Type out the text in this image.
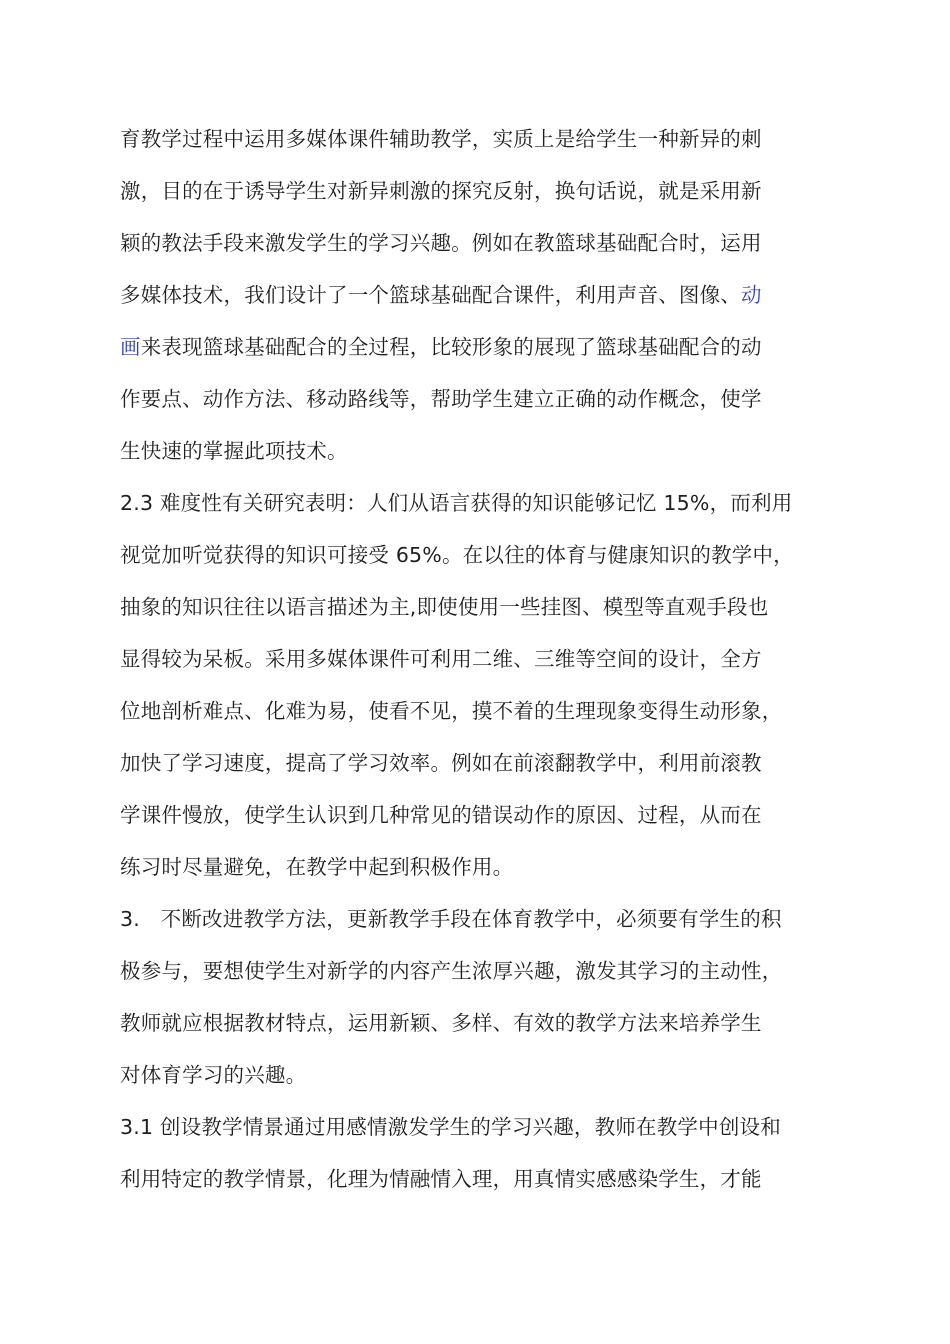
育教学过程中运用多媒体课件辅助教学，实质上是给学生一种新异的刺
激，目的在于诱导学生对新异刺激的探究反射，换句话说，就是采用新
颖的教法手段来激发学生的学习兴趣。例如在教篮球基础配合时，运用
多媒体技术，我们设计了一个篮球基础配合课件，利用声音、图像、动
画来表现篮球基础配合的全过程，比较形象的展现了篮球基础配合的动
作要点、动作方法、移动路线等，帮助学生建立正确的动作概念，使学
生快速的掌握此项技术。
2.3 难度性有关研究表明：人们从语言获得的知识能够记忆 15%，而利用
视觉加听觉获得的知识可接受 65%。在以往的体育与健康知识的教学中，
抽象的知识往往以语言描述为主,即使使用一些挂图、模型等直观手段也
显得较为呆板。采用多媒体课件可利用二维、三维等空间的设计，全方
位地剖析难点、化难为易，使看不见，摸不着的生理现象变得生动形象，
加快了学习速度，提高了学习效率。例如在前滚翻教学中，利用前滚教
学课件慢放，使学生认识到几种常见的错误动作的原因、过程，从而在
练习时尽量避免，在教学中起到积极作用。
3.　不断改进教学方法，更新教学手段在体育教学中，必须要有学生的积
极参与，要想使学生对新学的内容产生浓厚兴趣，激发其学习的主动性，
教师就应根据教材特点，运用新颖、多样、有效的教学方法来培养学生
对体育学习的兴趣。
3.1 创设教学情景通过用感情激发学生的学习兴趣，教师在教学中创设和
利用特定的教学情景，化理为情融情入理，用真情实感感染学生，才能
